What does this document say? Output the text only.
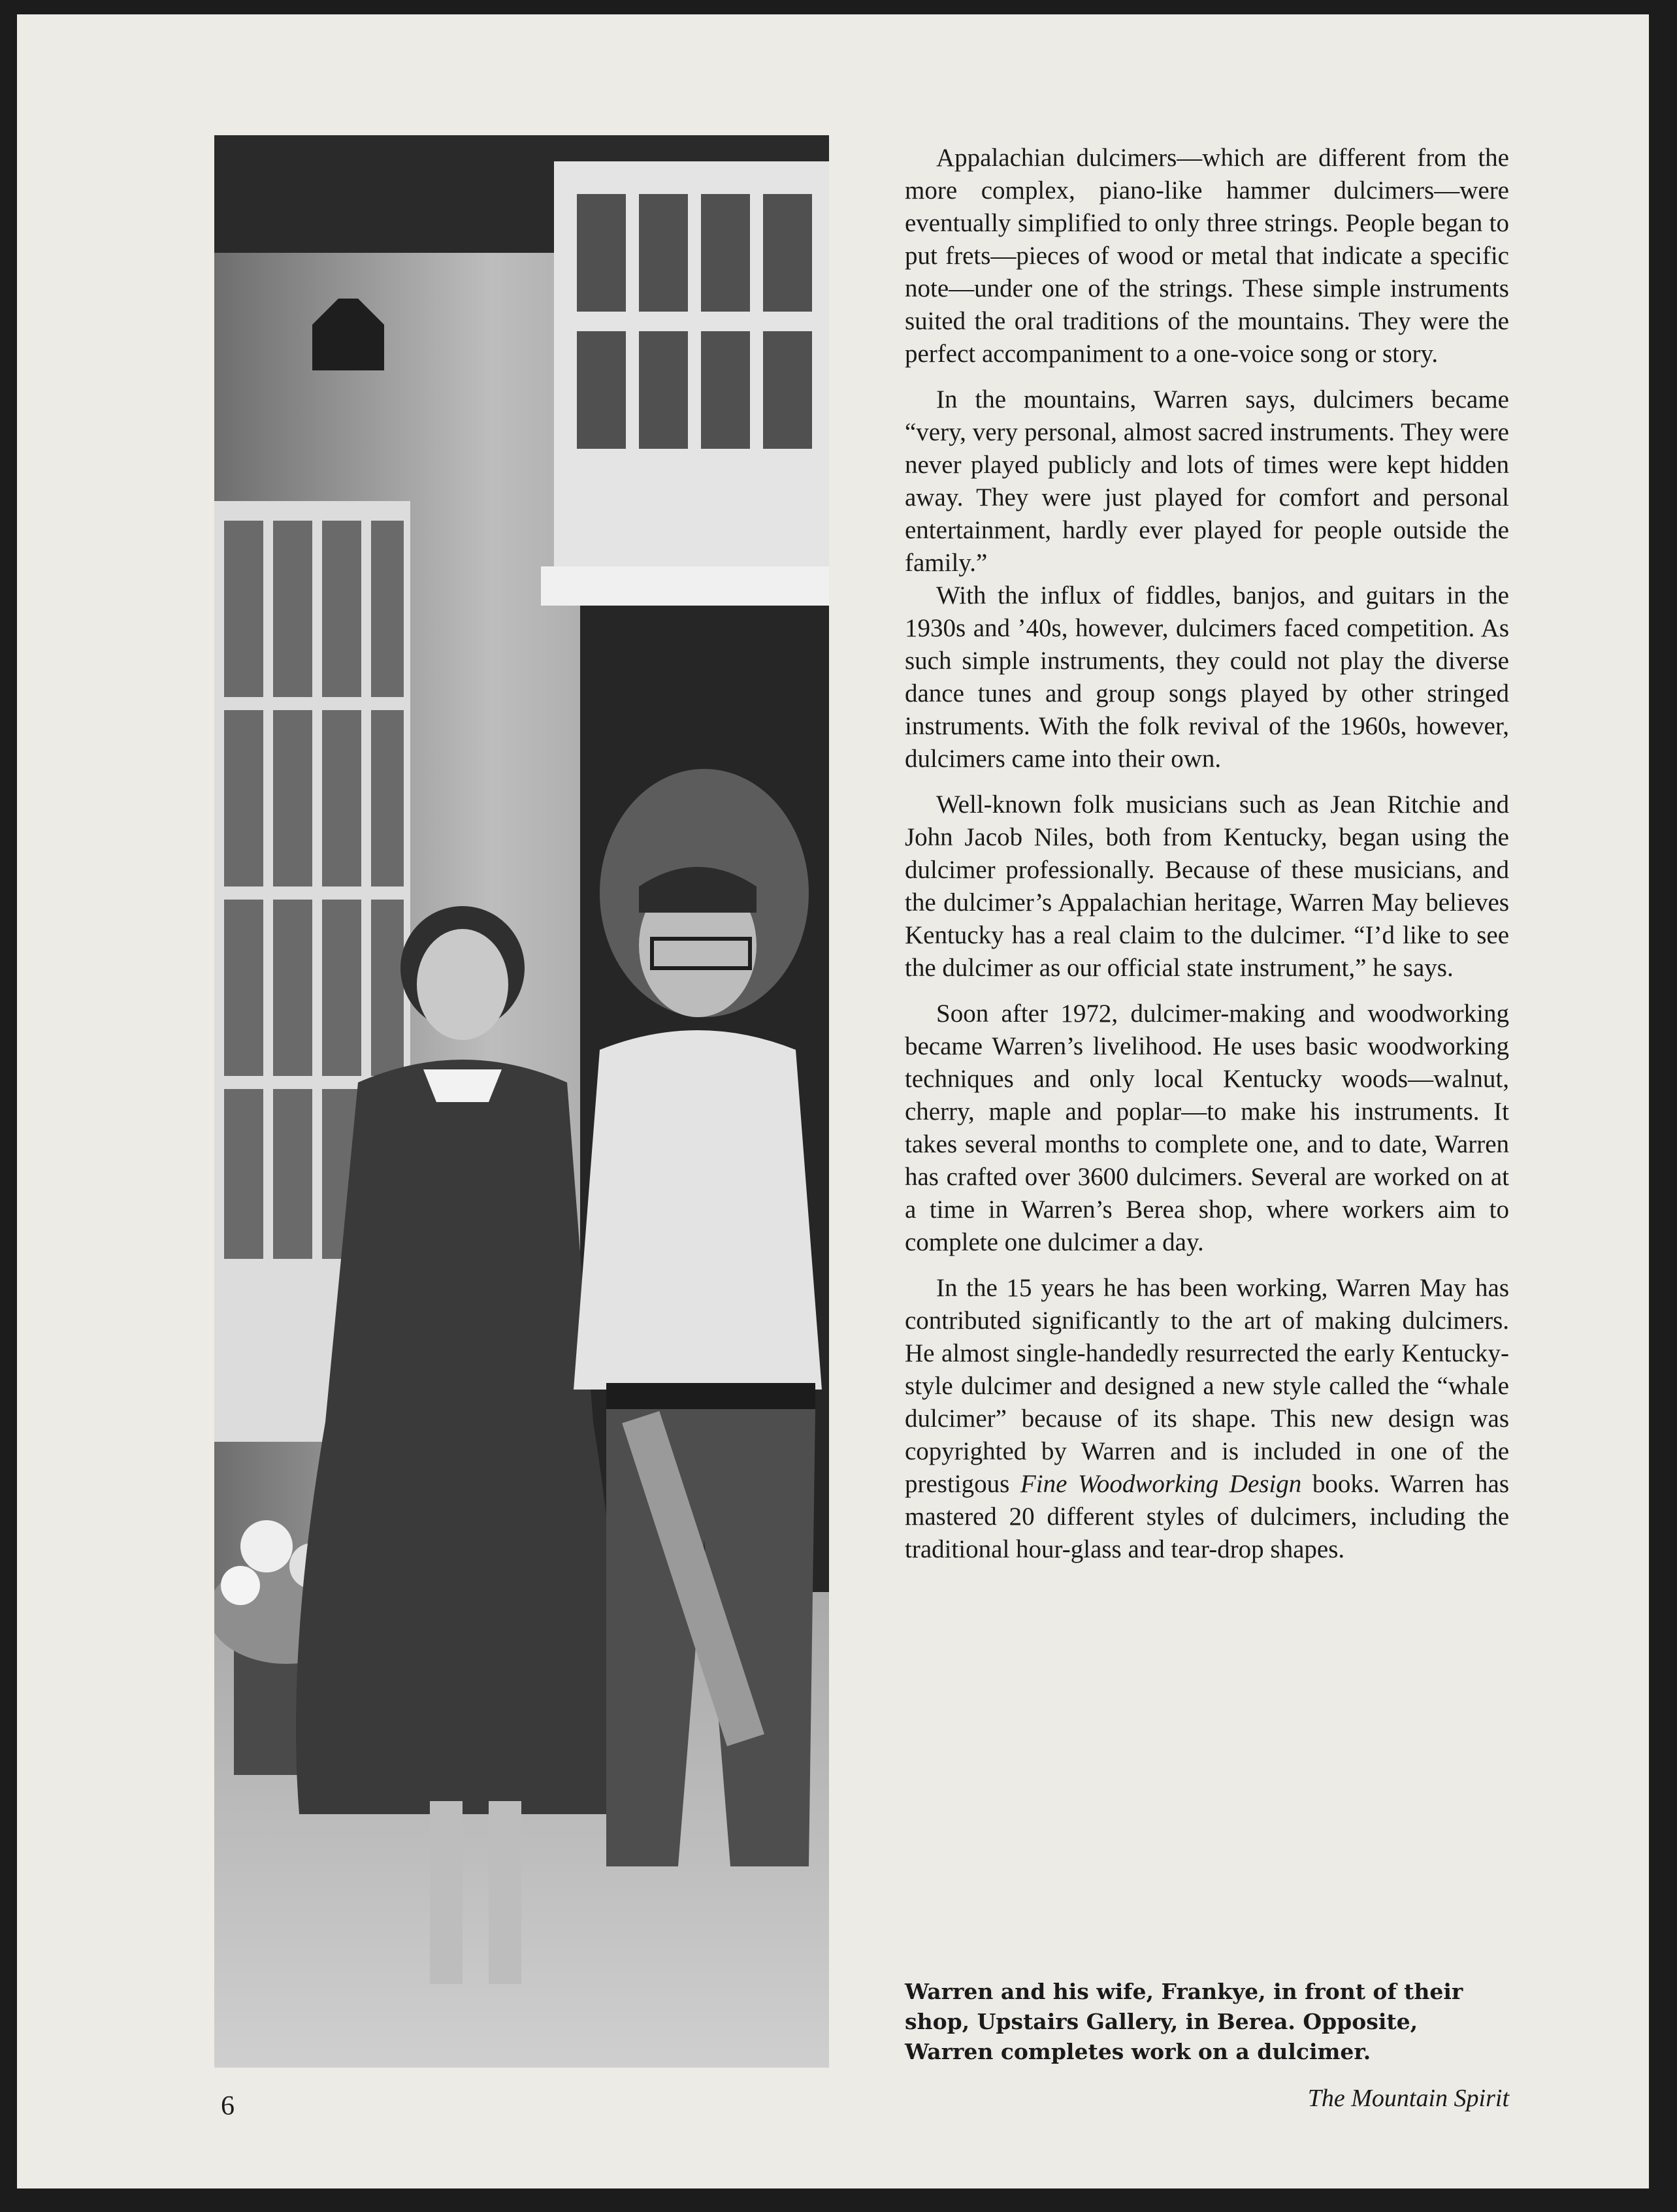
Appalachian dulcimers—which are different from the more complex, piano-like hammer dulcimers—were eventually simplified to only three strings. People began to put frets—pieces of wood or metal that indicate a specific note—under one of the strings. These simple instruments suited the oral traditions of the mountains. They were the perfect accompaniment to a one-voice song or story.

In the mountains, Warren says, dulcimers became “very, very personal, almost sacred instruments. They were never played publicly and lots of times were kept hidden away. They were just played for comfort and personal entertainment, hardly ever played for people outside the family.”

With the influx of fiddles, banjos, and guitars in the 1930s and ’40s, however, dulcimers faced competition. As such simple instruments, they could not play the diverse dance tunes and group songs played by other stringed instruments. With the folk revival of the 1960s, however, dulcimers came into their own.

Well-known folk musicians such as Jean Ritchie and John Jacob Niles, both from Kentucky, began using the dulcimer professionally. Because of these musicians, and the dulcimer’s Appalachian heritage, Warren May believes Kentucky has a real claim to the dulcimer. “I’d like to see the dulcimer as our official state instrument,” he says.

Soon after 1972, dulcimer-making and woodworking became Warren’s livelihood. He uses basic woodworking techniques and only local Kentucky woods—walnut, cherry, maple and poplar—to make his instruments. It takes several months to complete one, and to date, Warren has crafted over 3600 dulcimers. Several are worked on at a time in Warren’s Berea shop, where workers aim to complete one dulcimer a day.

In the 15 years he has been working, Warren May has contributed significantly to the art of making dulcimers. He almost single-handedly resurrected the early Kentucky-style dulcimer and designed a new style called the “whale dulcimer” because of its shape. This new design was copyrighted by Warren and is included in one of the prestigous Fine Woodworking Design books. Warren has mastered 20 different styles of dulcimers, including the traditional hour-glass and tear-drop shapes.

Warren and his wife, Frankye, in front of their shop, Upstairs Gallery, in Berea. Opposite, Warren completes work on a dulcimer.
6	The Mountain Spirit
